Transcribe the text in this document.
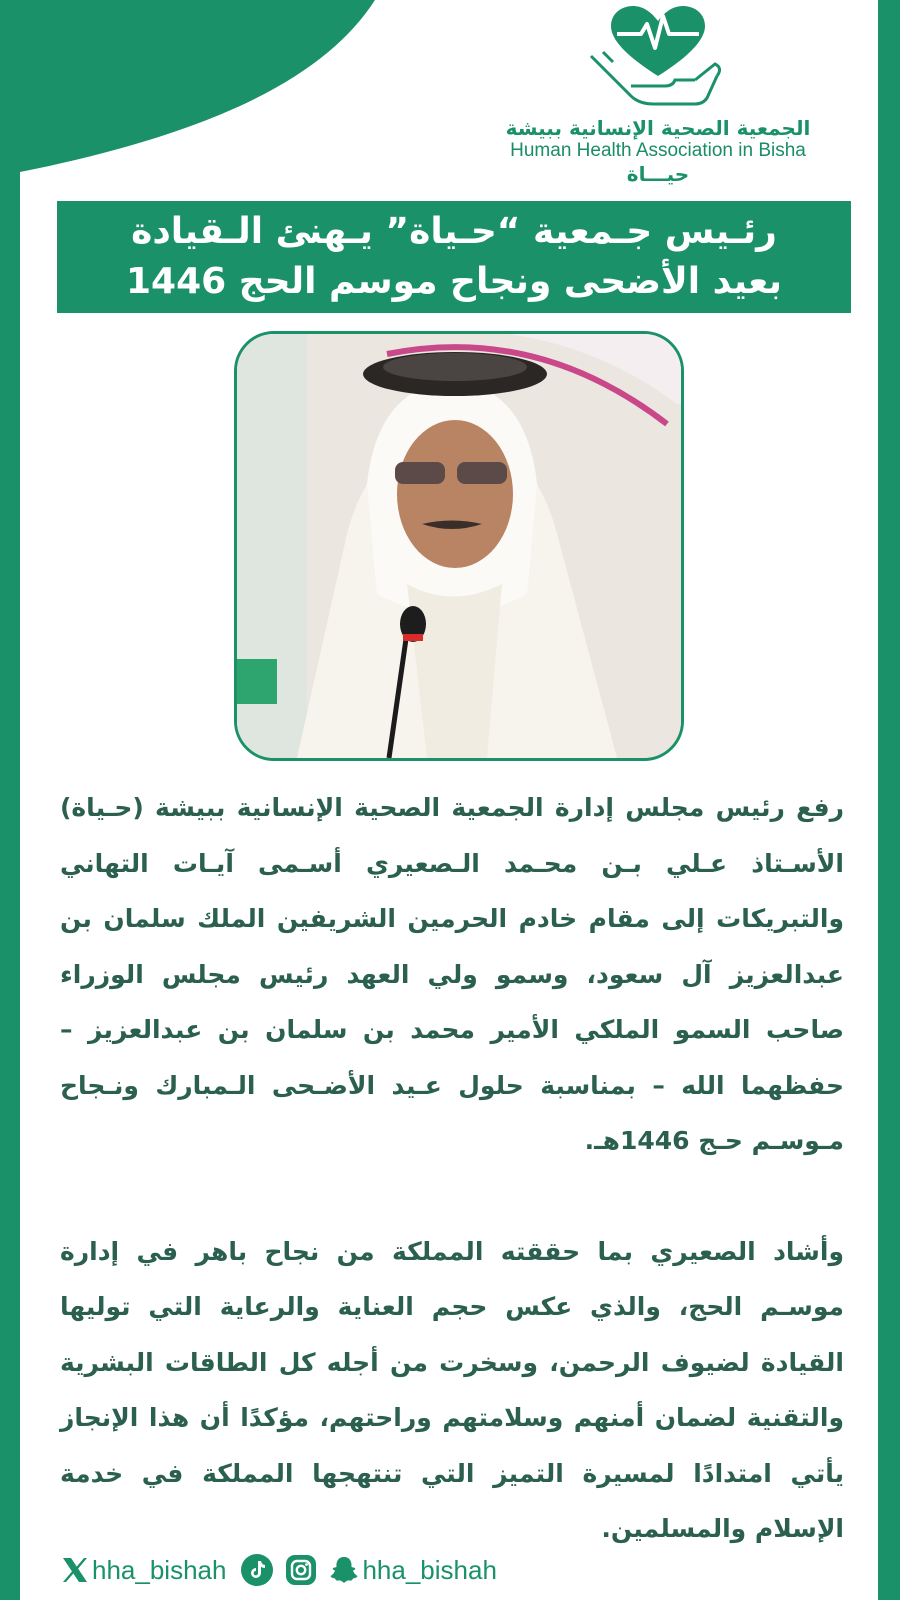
الجمعية الصحية الإنسانية ببيشة
Human Health Association in Bisha
حيـــاة
رئـيس جـمعية “حـياة” يـهنئ الـقيادة
بعيد الأضحى ونجاح موسم الحج 1446

رفع رئيس مجلس إدارة الجمعية الصحية الإنسانية ببيشة (حـياة) الأسـتاذ عـلي بـن محـمد الـصعيري أسـمى آيـات التهاني والتبريكات إلى مقام خادم الحرمين الشريفين الملك سلمان بن عبدالعزيز آل سعود، وسمو ولي العهد رئيس مجلس الوزراء صاحب السمو الملكي الأمير محمد بن سلمان بن عبدالعزيز – حفظهما الله – بمناسبة حلول عـيد الأضـحى الـمبارك ونـجاح مـوسـم حـج 1446هـ.

وأشاد الصعيري بما حققته المملكة من نجاح باهر في إدارة موسـم الحج، والذي عكس حجم العناية والرعاية التي توليها القيادة لضيوف الرحمن، وسخرت من أجله كل الطاقات البشرية والتقنية لضمان أمنهم وسلامتهم وراحتهم، مؤكدًا أن هذا الإنجاز يأتي امتدادًا لمسيرة التميز التي تنتهجها المملكة في خدمة الإسلام والمسلمين.

hha_bishah	hha_bishah
